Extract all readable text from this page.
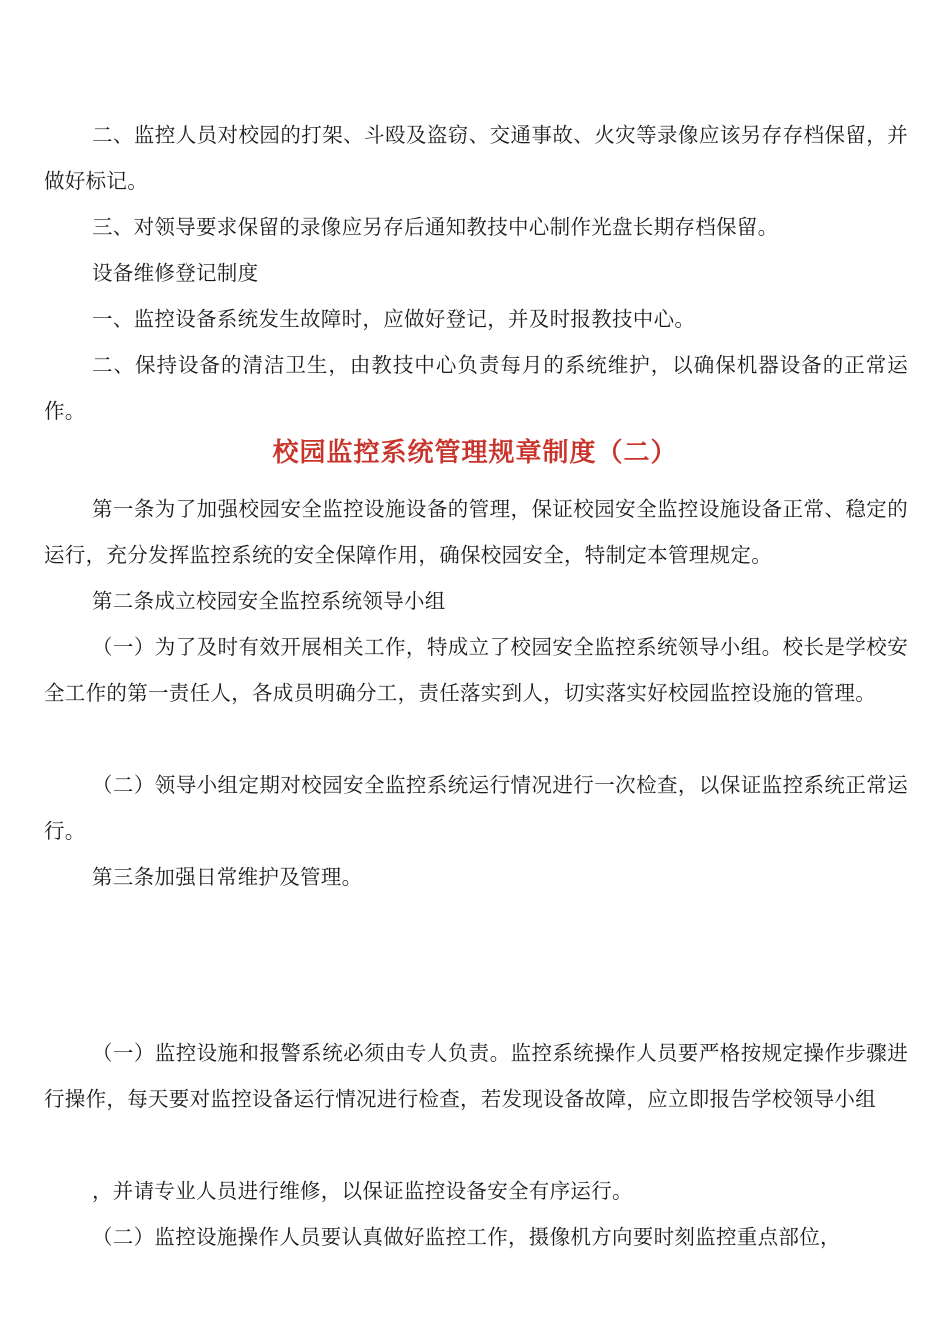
二、监控人员对校园的打架、斗殴及盗窃、交通事故、火灾等录像应该另存存档保留，并做好标记。

三、对领导要求保留的录像应另存后通知教技中心制作光盘长期存档保留。

设备维修登记制度

一、监控设备系统发生故障时，应做好登记，并及时报教技中心。

二、保持设备的清洁卫生，由教技中心负责每月的系统维护，以确保机器设备的正常运作。

校园监控系统管理规章制度（二）

第一条为了加强校园安全监控设施设备的管理，保证校园安全监控设施设备正常、稳定的运行，充分发挥监控系统的安全保障作用，确保校园安全，特制定本管理规定。

第二条成立校园安全监控系统领导小组

（一）为了及时有效开展相关工作，特成立了校园安全监控系统领导小组。校长是学校安全工作的第一责任人，各成员明确分工，责任落实到人，切实落实好校园监控设施的管理。

（二）领导小组定期对校园安全监控系统运行情况进行一次检查，以保证监控系统正常运行。

第三条加强日常维护及管理。

（一）监控设施和报警系统必须由专人负责。监控系统操作人员要严格按规定操作步骤进行操作，每天要对监控设备运行情况进行检查，若发现设备故障，应立即报告学校领导小组

，并请专业人员进行维修，以保证监控设备安全有序运行。

（二）监控设施操作人员要认真做好监控工作，摄像机方向要时刻监控重点部位，
